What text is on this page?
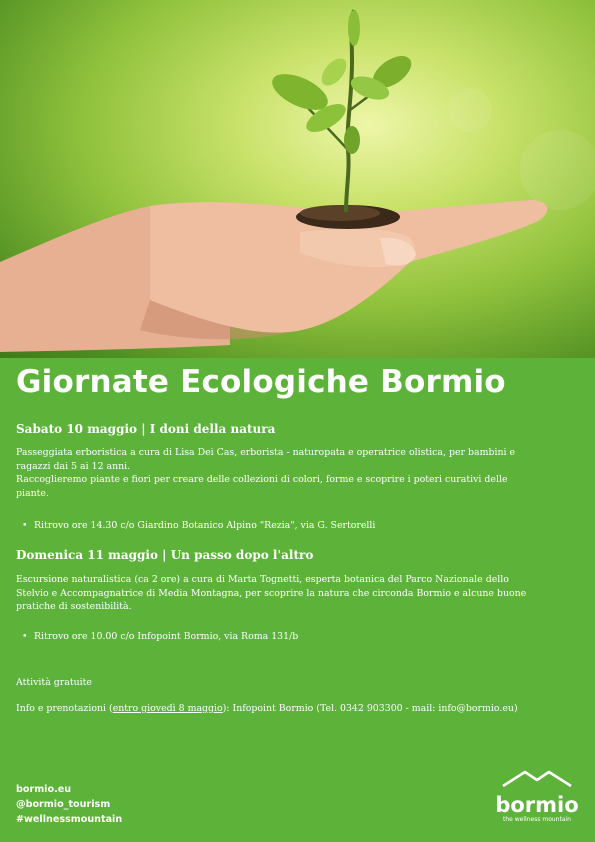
Giornate Ecologiche Bormio
Sabato 10 maggio | I doni della natura
Passeggiata erboristica a cura di Lisa Dei Cas, erborista - naturopata e operatrice olistica, per bambini e
ragazzi dai 5 ai 12 anni.
Raccoglieremo piante e fiori per creare delle collezioni di colori, forme e scoprire i poteri curativi delle
piante.
• Ritrovo ore 14.30 c/o Giardino Botanico Alpino "Rezia", via G. Sertorelli
Domenica 11 maggio | Un passo dopo l'altro
Escursione naturalistica (ca 2 ore) a cura di Marta Tognetti, esperta botanica del Parco Nazionale dello
Stelvio e Accompagnatrice di Media Montagna, per scoprire la natura che circonda Bormio e alcune buone
pratiche di sostenibilità.
• Ritrovo ore 10.00 c/o Infopoint Bormio, via Roma 131/b
Attività gratuite
Info e prenotazioni (entro giovedì 8 maggio): Infopoint Bormio (Tel. 0342 903300 - mail: info@bormio.eu)
bormio.eu
@bormio_tourism
#wellnessmountain
bormio
the wellness mountain
